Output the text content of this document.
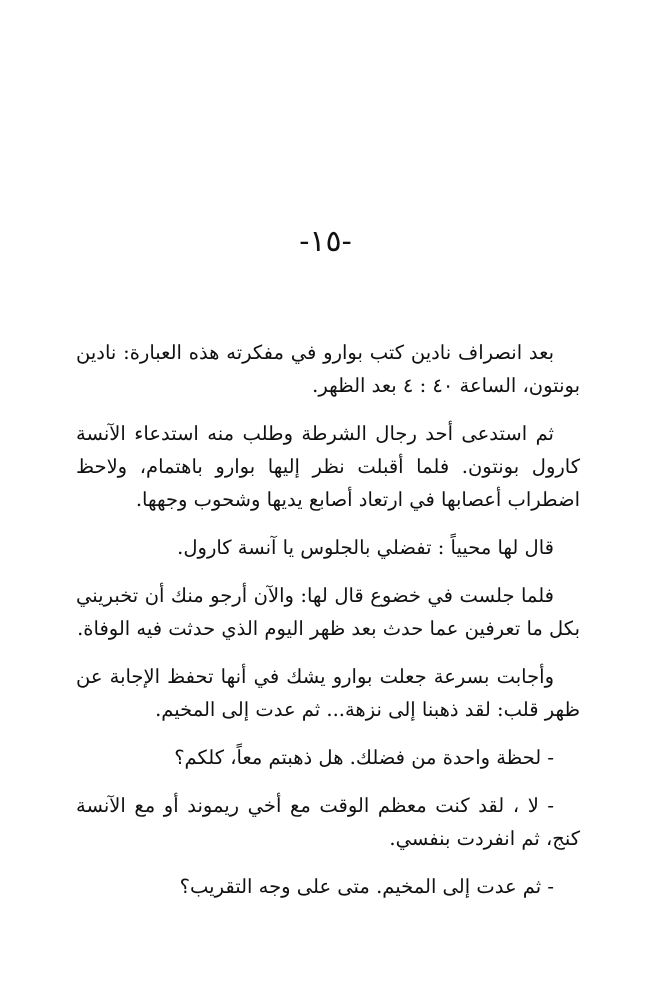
-١٥-

بعد انصراف نادين كتب بوارو في مفكرته هذه العبارة: نادين بونتون، الساعة ٤٠ : ٤ بعد الظهر.

ثم استدعى أحد رجال الشرطة وطلب منه استدعاء الآنسة كارول بونتون. فلما أقبلت نظر إليها بوارو باهتمام، ولاحظ اضطراب أعصابها في ارتعاد أصابع يديها وشحوب وجهها.

قال لها محيياً : تفضلي بالجلوس يا آنسة كارول.

فلما جلست في خضوع قال لها: والآن أرجو منك أن تخبريني بكل ما تعرفين عما حدث بعد ظهر اليوم الذي حدثت فيه الوفاة.

وأجابت بسرعة جعلت بوارو يشك في أنها تحفظ الإجابة عن ظهر قلب: لقد ذهبنا إلى نزهة... ثم عدت إلى المخيم.

- لحظة واحدة من فضلك. هل ذهبتم معاً، كلكم؟

- لا ، لقد كنت معظم الوقت مع أخي ريموند أو مع الآنسة كنج، ثم انفردت بنفسي.

- ثم عدت إلى المخيم. متى على وجه التقريب؟
